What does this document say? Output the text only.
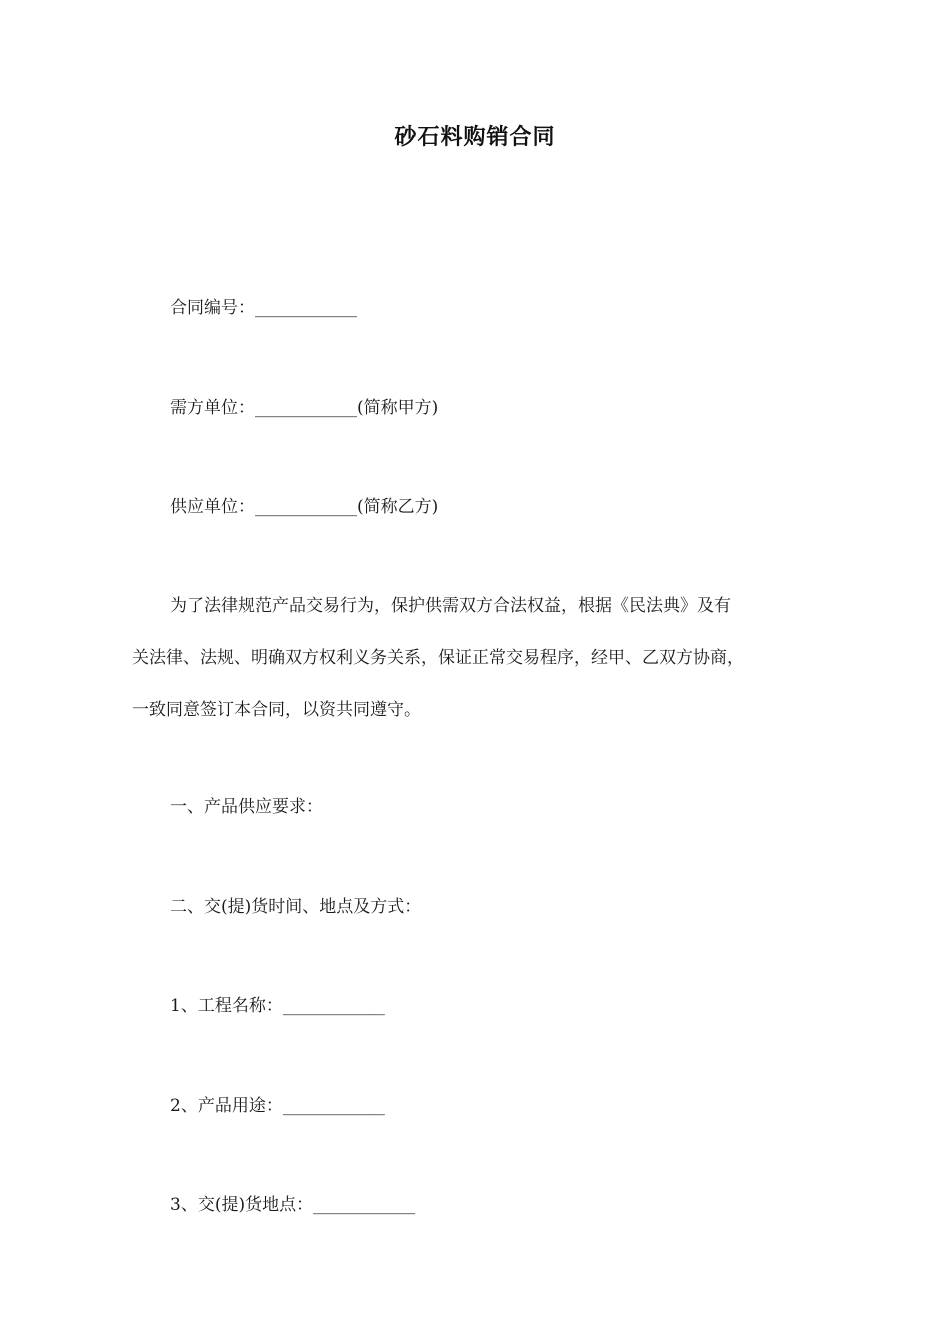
砂石料购销合同
合同编号：____________
需方单位：____________(简称甲方)
供应单位：____________(简称乙方)

为了法律规范产品交易行为，保护供需双方合法权益，根据《民法典》及有

关法律、法规、明确双方权利义务关系，保证正常交易程序，经甲、乙双方协商，

一致同意签订本合同，以资共同遵守。

一、产品供应要求：
二、交(提)货时间、地点及方式：
1、工程名称：____________
2、产品用途：____________
3、交(提)货地点：____________
